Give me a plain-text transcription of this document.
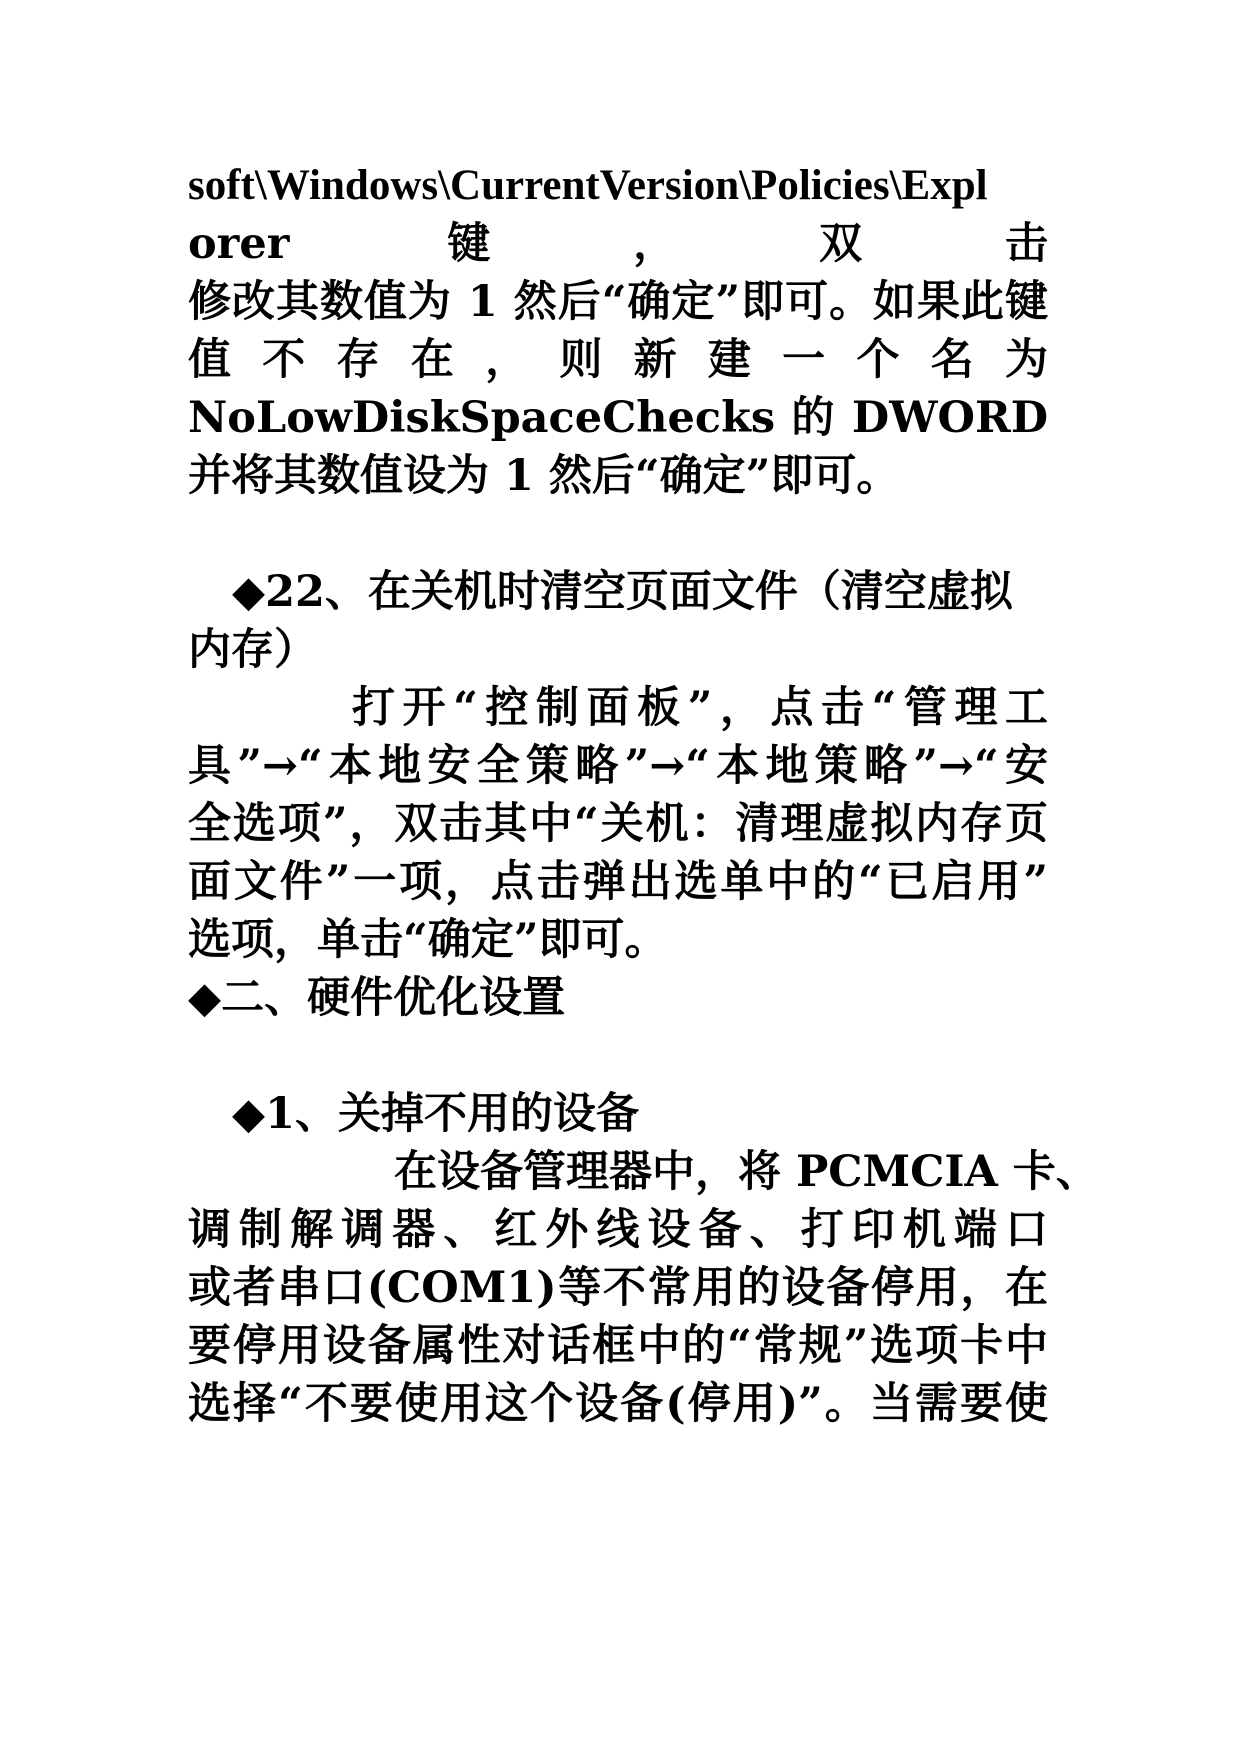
soft\Windows\CurrentVersion\Policies\Expl

orer 键，双击

修改其数值为 1 然后“确定”即可。如果此键

值 不 存 在 ， 则 新 建 一 个 名 为

NoLowDiskSpaceChecks 的 DWORD

并将其数值设为 1 然后“确定”即可。

◆22、在关机时清空页面文件（清空虚拟

内存）

打开“控制面板”，点击“管理工

具”→“本地安全策略”→“本地策略”→“安

全选项”，双击其中“关机：清理虚拟内存页

面文件”一项，点击弹出选单中的“已启用”

选项，单击“确定”即可。

◆二、硬件优化设置

◆1、关掉不用的设备

在设备管理器中，将 PCMCIA 卡、

调制解调器、红外线设备、打印机端口

或者串口(COM1)等不常用的设备停用，在

要停用设备属性对话框中的“常规”选项卡中

选择“不要使用这个设备(停用)”。当需要使
